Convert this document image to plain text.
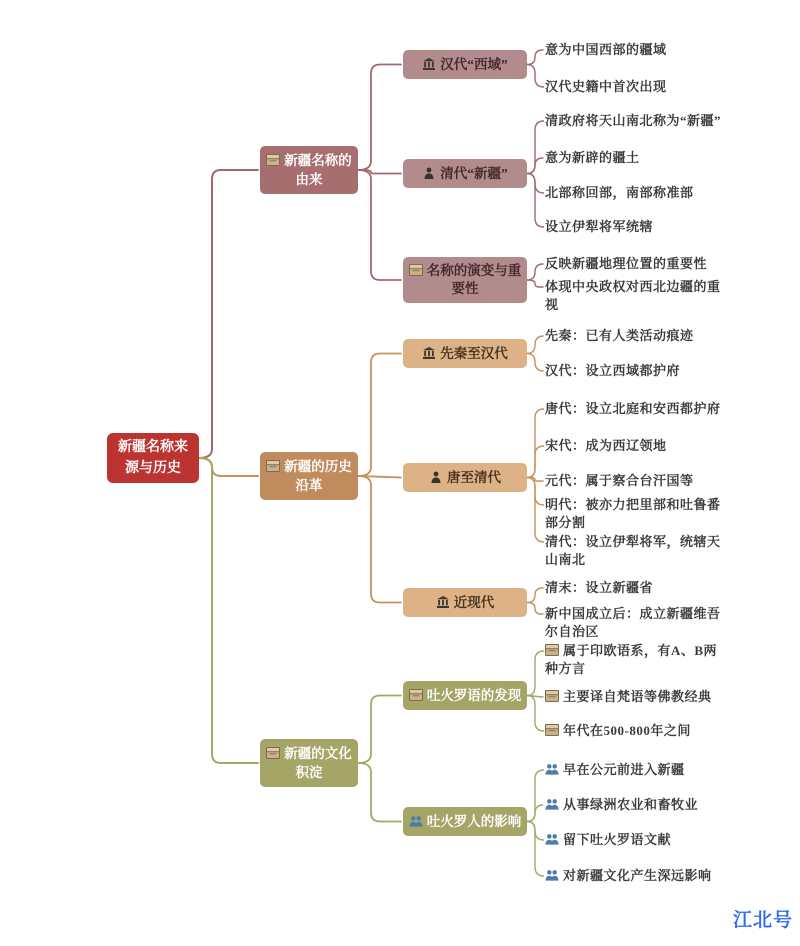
新疆名称来源与历史
新疆名称的由来
新疆的历史沿革
新疆的文化积淀
汉代“西域”
清代“新疆”
名称的演变与重要性
先秦至汉代
唐至清代
近现代
吐火罗语的发现
吐火罗人的影响
意为中国西部的疆域
汉代史籍中首次出现
清政府将天山南北称为“新疆”
意为新辟的疆土
北部称回部，南部称准部
设立伊犁将军统辖
反映新疆地理位置的重要性
体现中央政权对西北边疆的重视
先秦：已有人类活动痕迹
汉代：设立西域都护府
唐代：设立北庭和安西都护府
宋代：成为西辽领地
元代：属于察合台汗国等
明代：被亦力把里部和吐鲁番部分割
清代：设立伊犁将军，统辖天山南北
清末：设立新疆省
新中国成立后：成立新疆维吾尔自治区
属于印欧语系，有A、B两种方言
主要译自梵语等佛教经典
年代在500-800年之间
早在公元前进入新疆
从事绿洲农业和畜牧业
留下吐火罗语文献
对新疆文化产生深远影响
江北号
